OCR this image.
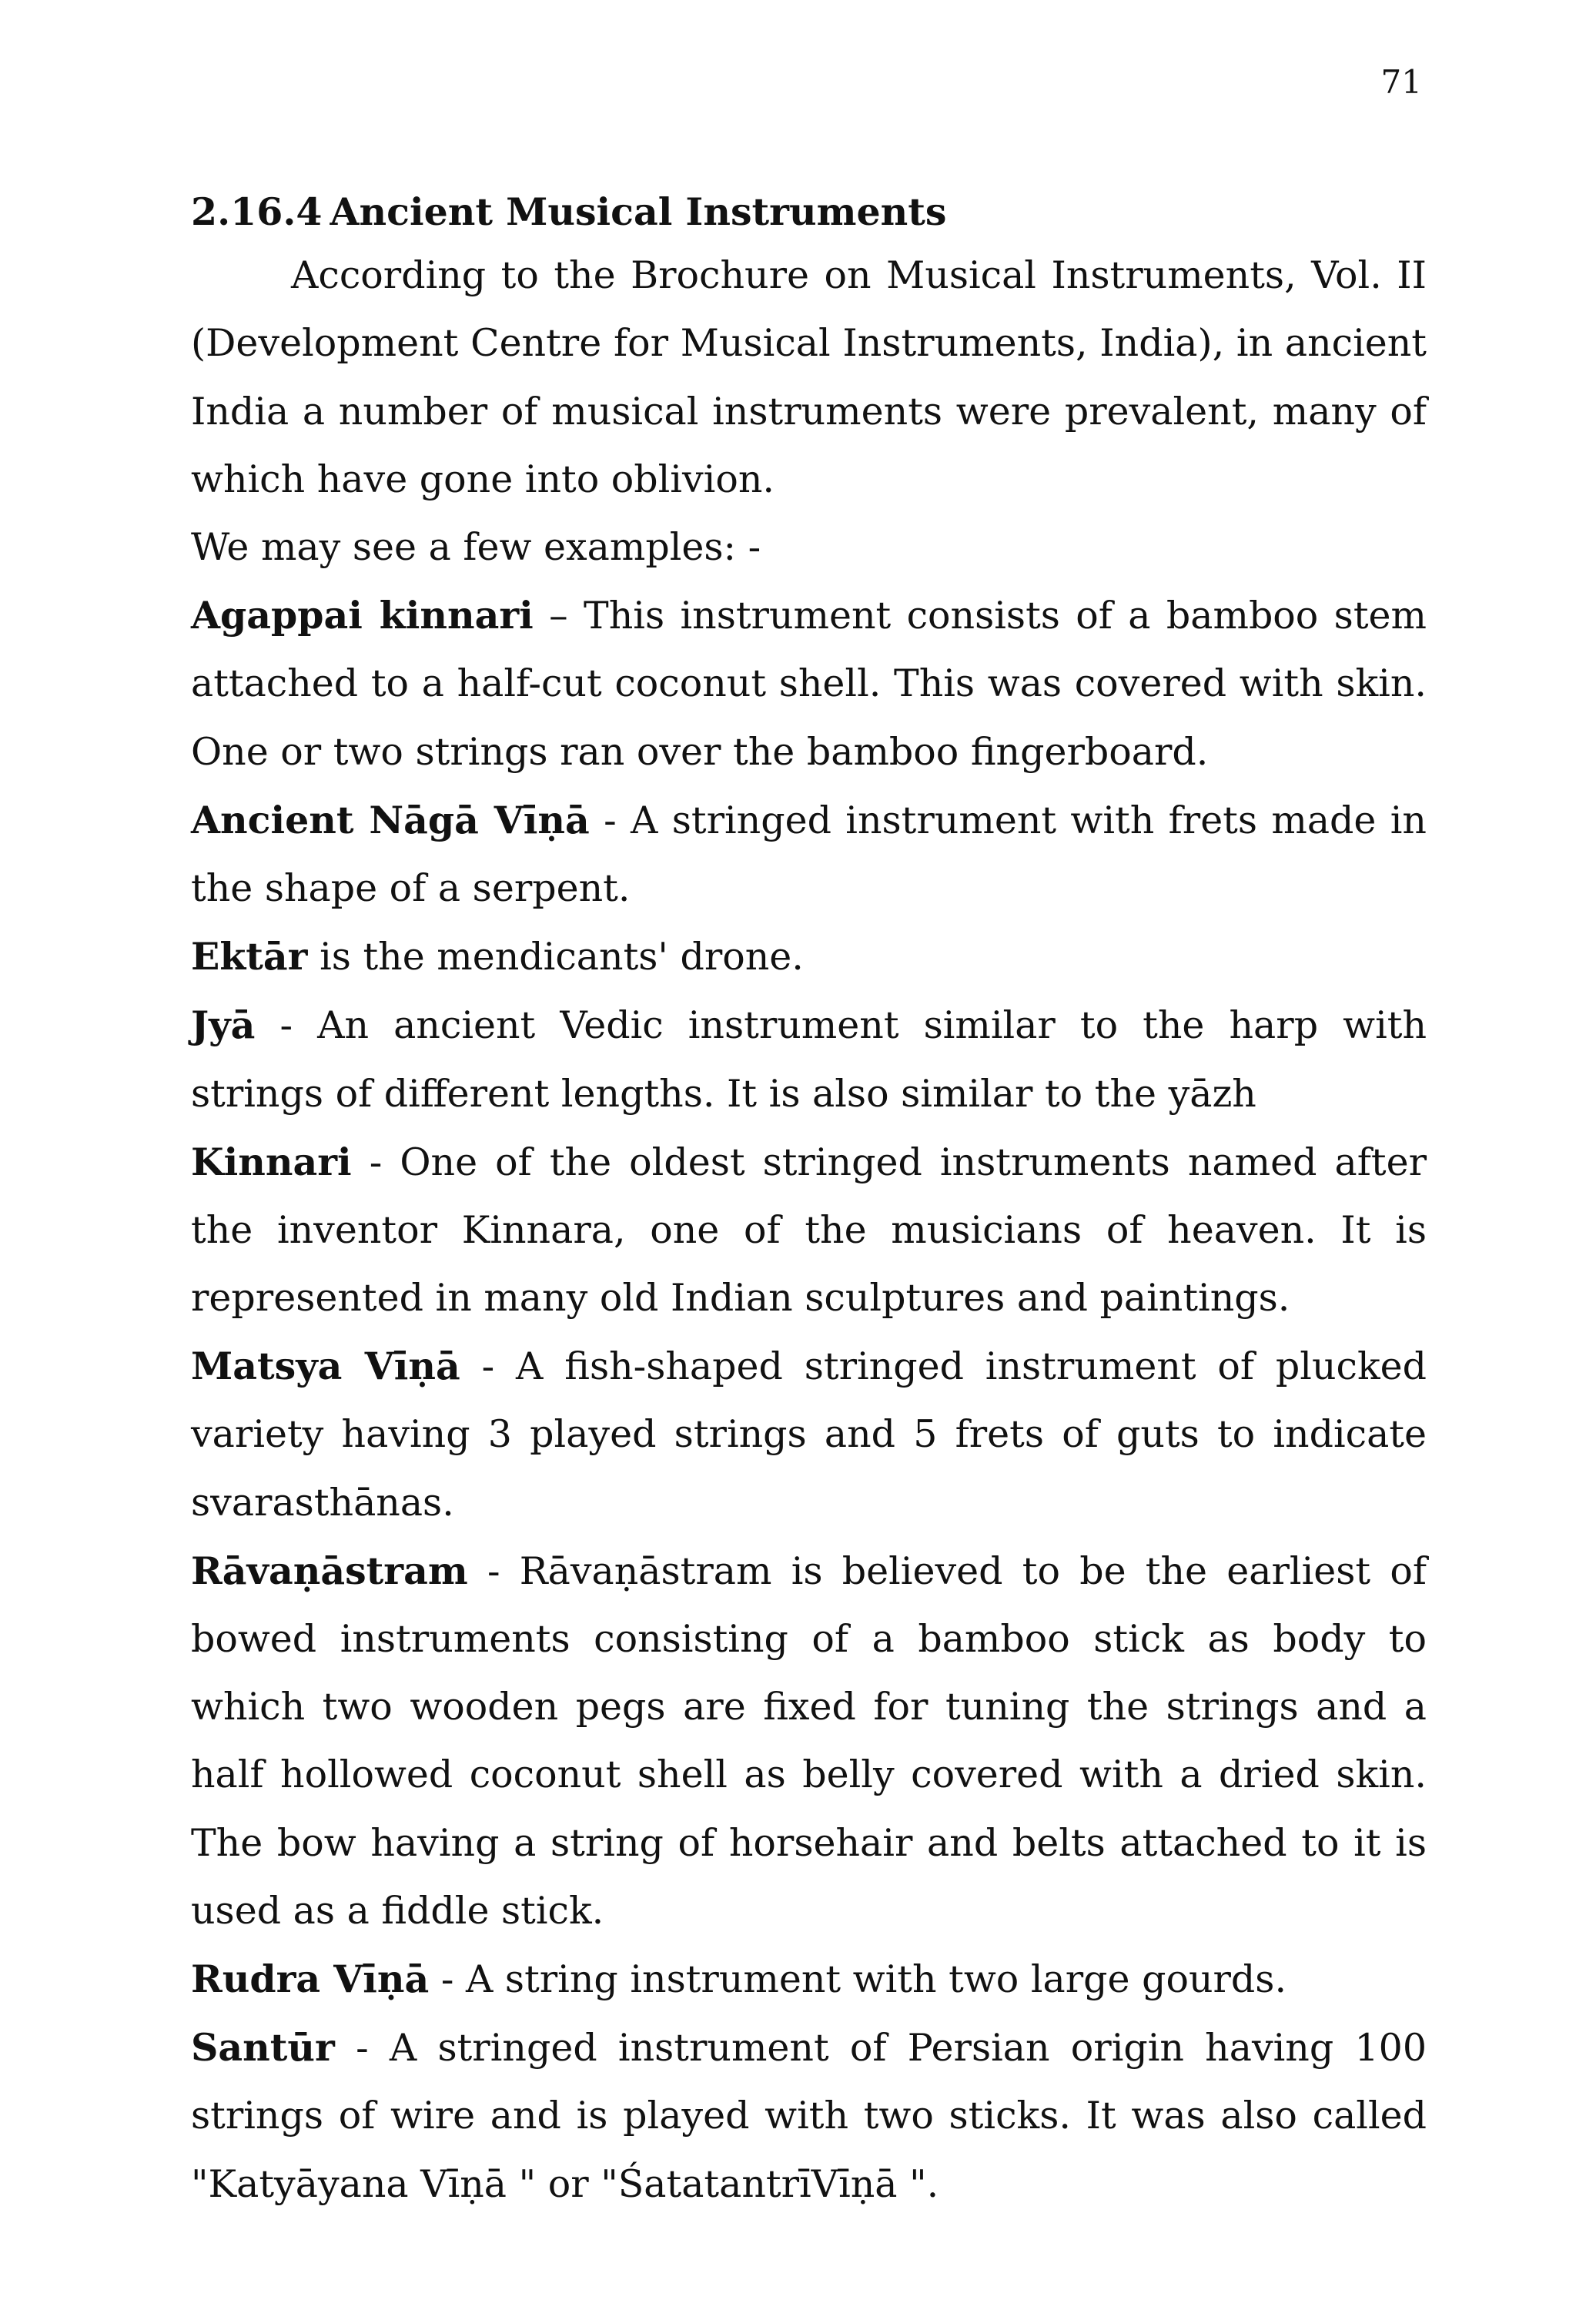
71
2.16.4 Ancient Musical Instruments

According to the Brochure on Musical Instruments, Vol. II (Development Centre for Musical Instruments, India), in ancient India a number of musical instruments were prevalent, many of which have gone into oblivion.

We may see a few examples: -

Agappai kinnari – This instrument consists of a bamboo stem attached to a half-cut coconut shell. This was covered with skin. One or two strings ran over the bamboo fingerboard.

Ancient Nāgā Vīṇā - A stringed instrument with frets made in the shape of a serpent.

Ektār is the mendicants' drone.

Jyā - An ancient Vedic instrument similar to the harp with strings of different lengths. It is also similar to the yāzh

Kinnari - One of the oldest stringed instruments named after the inventor Kinnara, one of the musicians of heaven. It is represented in many old Indian sculptures and paintings.

Matsya Vīṇā - A fish-shaped stringed instrument of plucked variety having 3 played strings and 5 frets of guts to indicate svarasthānas.

Rāvaṇāstram - Rāvaṇāstram is believed to be the earliest of bowed instruments consisting of a bamboo stick as body to which two wooden pegs are fixed for tuning the strings and a half hollowed coconut shell as belly covered with a dried skin. The bow having a string of horsehair and belts attached to it is used as a fiddle stick.

Rudra Vīṇā - A string instrument with two large gourds.

Santūr - A stringed instrument of Persian origin having 100 strings of wire and is played with two sticks. It was also called "Katyāyana Vīṇā " or "ŚatatantrīVīṇā ".
